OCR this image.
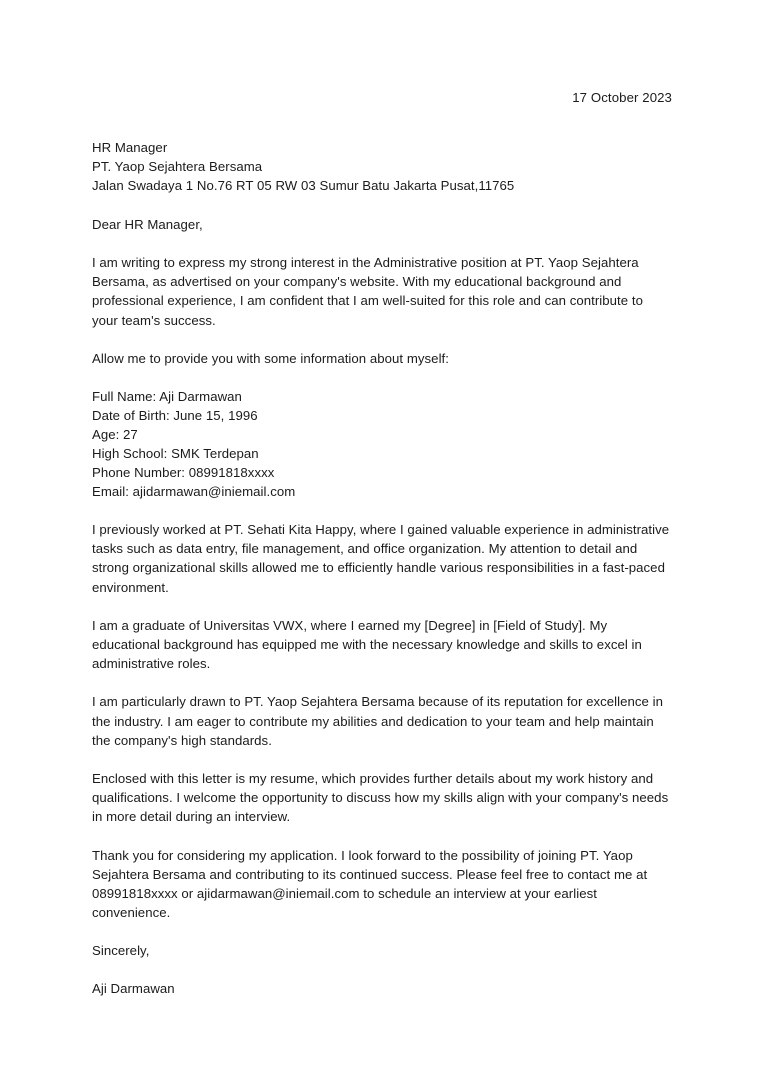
17 October 2023
HR Manager
PT. Yaop Sejahtera Bersama
Jalan Swadaya 1 No.76 RT 05 RW 03 Sumur Batu Jakarta Pusat,11765
Dear HR Manager,

I am writing to express my strong interest in the Administrative position at PT. Yaop Sejahtera Bersama, as advertised on your company's website. With my educational background and professional experience, I am confident that I am well-suited for this role and can contribute to your team's success.

Allow me to provide you with some information about myself:

Full Name: Aji Darmawan
Date of Birth: June 15, 1996
Age: 27
High School: SMK Terdepan
Phone Number: 08991818xxxx
Email: ajidarmawan@iniemail.com

I previously worked at PT. Sehati Kita Happy, where I gained valuable experience in administrative tasks such as data entry, file management, and office organization. My attention to detail and strong organizational skills allowed me to efficiently handle various responsibilities in a fast-paced environment.

I am a graduate of Universitas VWX, where I earned my [Degree] in [Field of Study]. My educational background has equipped me with the necessary knowledge and skills to excel in administrative roles.

I am particularly drawn to PT. Yaop Sejahtera Bersama because of its reputation for excellence in the industry. I am eager to contribute my abilities and dedication to your team and help maintain the company's high standards.

Enclosed with this letter is my resume, which provides further details about my work history and qualifications. I welcome the opportunity to discuss how my skills align with your company's needs in more detail during an interview.

Thank you for considering my application. I look forward to the possibility of joining PT. Yaop Sejahtera Bersama and contributing to its continued success. Please feel free to contact me at 08991818xxxx or ajidarmawan@iniemail.com to schedule an interview at your earliest convenience.

Sincerely,
Aji Darmawan
